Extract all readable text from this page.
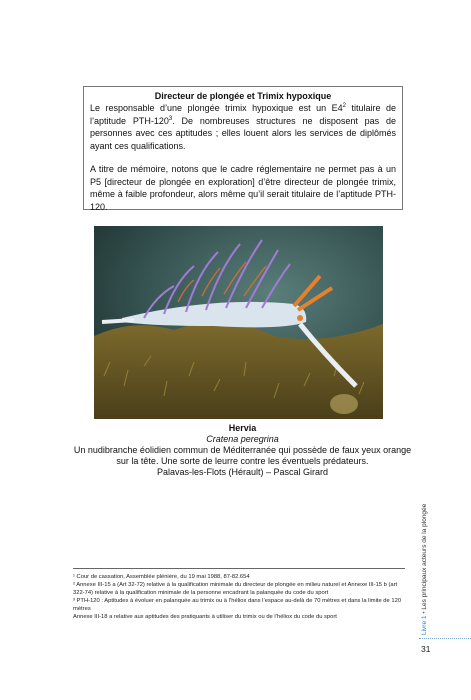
Directeur de plongée et Trimix hypoxique

Le responsable d’une plongée trimix hypoxique est un $E4^2$ titulaire de l’aptitude PTH-$120^3$. De nombreuses structures ne disposent pas de personnes avec ces aptitudes ; elles louent alors les services de diplômés ayant ces qualifications.

A titre de mémoire, notons que le cadre réglementaire ne permet pas à un P5 [directeur de plongée en exploration] d’être directeur de plongée trimix, même à faible profondeur, alors même qu’il serait titulaire de l’aptitude PTH-120.

Hervia
Cratena peregrina
Un nudibranche éolidien commun de Méditerranée qui possède de faux yeux orange sur la tête. Une sorte de leurre contre les éventuels prédateurs.
Palavas-les-Flots (Hérault) – Pascal Girard
¹ Cour de cassation, Assemblée plénière, du 19 mai 1988, 87-82.654
² Annexe III-15 a (Art 32-72) relative à la qualification minimale du directeur de plongée en milieu naturel et Annexe III-15 b (art 322-74) relative à la qualification minimale de la personne encadrant la palanquée du code du sport
³ PTH-120 : Aptitudes à évoluer en palanquée au trimix ou à l’héliox dans l’espace au-delà de 70 mètres et dans la limite de 120 mètres
Annexe III-18 a relative aux aptitudes des pratiquants à utiliser du trimix ou de l’héliox du code du sport	Livre 1 • Les principaux acteurs de la plongée
31
